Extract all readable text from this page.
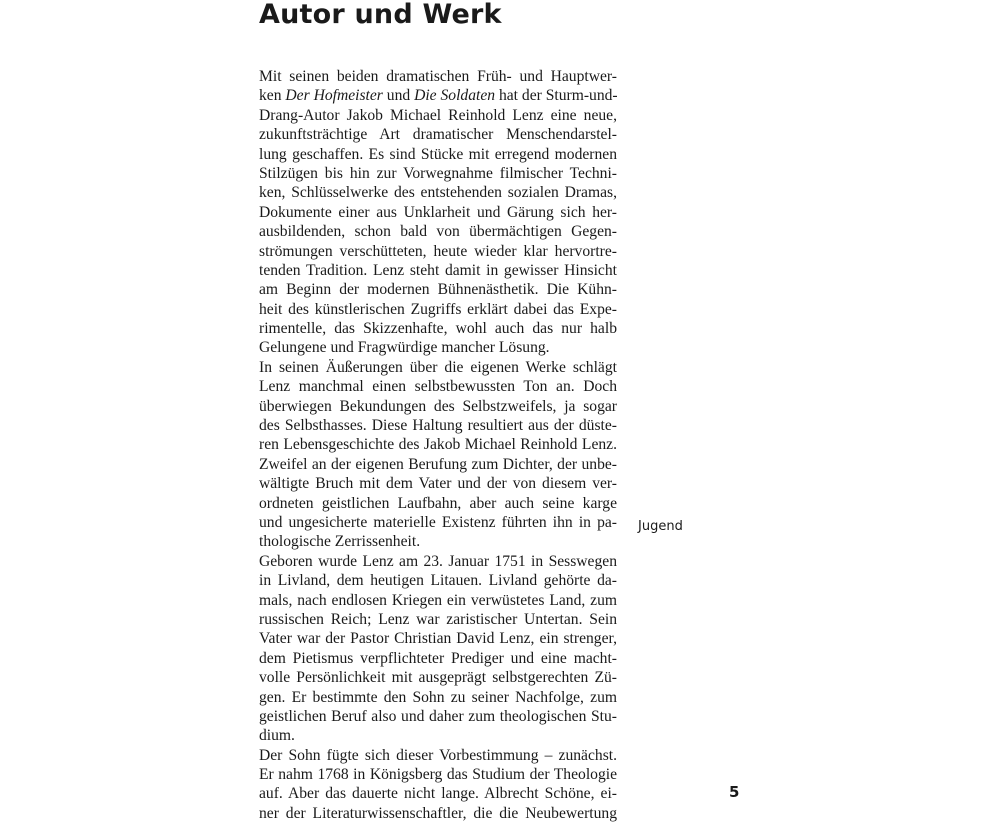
Autor und Werk
Mit seinen beiden dramatischen Früh- und Hauptwer-
ken Der Hofmeister und Die Soldaten hat der Sturm-und-
Drang-Autor Jakob Michael Reinhold Lenz eine neue,
zukunftsträchtige Art dramatischer Menschendarstel-
lung geschaffen. Es sind Stücke mit erregend modernen
Stilzügen bis hin zur Vorwegnahme filmischer Techni-
ken, Schlüsselwerke des entstehenden sozialen Dramas,
Dokumente einer aus Unklarheit und Gärung sich her-
ausbildenden, schon bald von übermächtigen Gegen-
strömungen verschütteten, heute wieder klar hervortre-
tenden Tradition. Lenz steht damit in gewisser Hinsicht
am Beginn der modernen Bühnenästhetik. Die Kühn-
heit des künstlerischen Zugriffs erklärt dabei das Expe-
rimentelle, das Skizzenhafte, wohl auch das nur halb
Gelungene und Fragwürdige mancher Lösung.
In seinen Äußerungen über die eigenen Werke schlägt
Lenz manchmal einen selbstbewussten Ton an. Doch
überwiegen Bekundungen des Selbstzweifels, ja sogar
des Selbsthasses. Diese Haltung resultiert aus der düste-
ren Lebensgeschichte des Jakob Michael Reinhold Lenz.
Zweifel an der eigenen Berufung zum Dichter, der unbe-
wältigte Bruch mit dem Vater und der von diesem ver-
ordneten geistlichen Laufbahn, aber auch seine karge
und ungesicherte materielle Existenz führten ihn in pa-
thologische Zerrissenheit.
Geboren wurde Lenz am 23. Januar 1751 in Sesswegen
in Livland, dem heutigen Litauen. Livland gehörte da-
mals, nach endlosen Kriegen ein verwüstetes Land, zum
russischen Reich; Lenz war zaristischer Untertan. Sein
Vater war der Pastor Christian David Lenz, ein strenger,
dem Pietismus verpflichteter Prediger und eine macht-
volle Persönlichkeit mit ausgeprägt selbstgerechten Zü-
gen. Er bestimmte den Sohn zu seiner Nachfolge, zum
geistlichen Beruf also und daher zum theologischen Stu-
dium.
Der Sohn fügte sich dieser Vorbestimmung – zunächst.
Er nahm 1768 in Königsberg das Studium der Theologie
auf. Aber das dauerte nicht lange. Albrecht Schöne, ei-
ner der Literaturwissenschaftler, die die Neubewertung
Jugend
5
